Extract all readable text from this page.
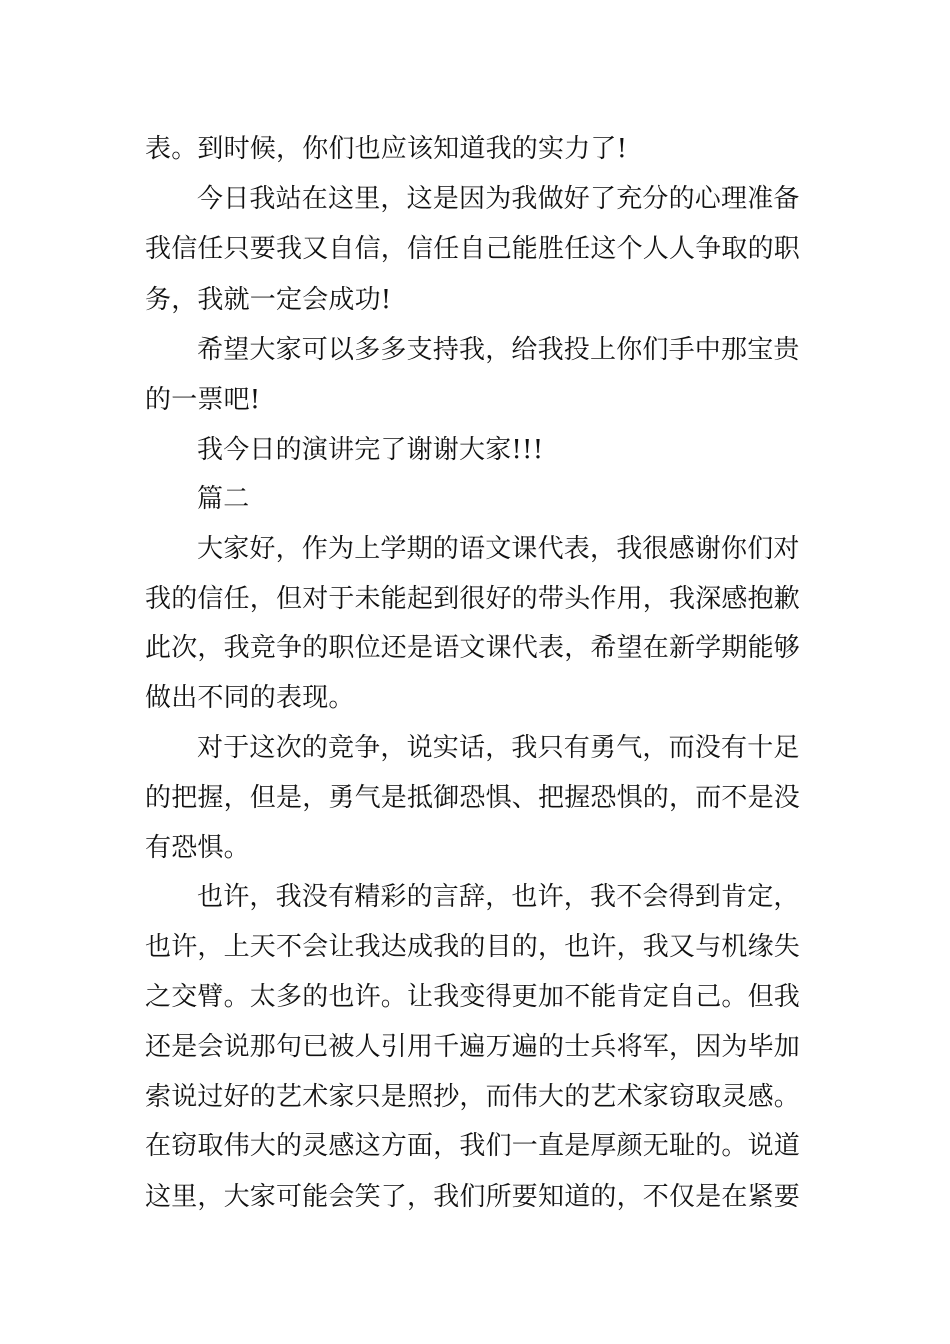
表。到时候，你们也应该知道我的实力了!
今日我站在这里，这是因为我做好了充分的心理准备
我信任只要我又自信，信任自己能胜任这个人人争取的职
务，我就一定会成功!
希望大家可以多多支持我，给我投上你们手中那宝贵
的一票吧!
我今日的演讲完了谢谢大家!!!
篇二
大家好，作为上学期的语文课代表，我很感谢你们对
我的信任，但对于未能起到很好的带头作用，我深感抱歉
此次，我竞争的职位还是语文课代表，希望在新学期能够
做出不同的表现。
对于这次的竞争，说实话，我只有勇气，而没有十足
的把握，但是，勇气是抵御恐惧、把握恐惧的，而不是没
有恐惧。
也许，我没有精彩的言辞，也许，我不会得到肯定，
也许，上天不会让我达成我的目的，也许，我又与机缘失
之交臂。太多的也许。让我变得更加不能肯定自己。但我
还是会说那句已被人引用千遍万遍的士兵将军，因为毕加
索说过好的艺术家只是照抄，而伟大的艺术家窃取灵感。
在窃取伟大的灵感这方面，我们一直是厚颜无耻的。说道
这里，大家可能会笑了，我们所要知道的，不仅是在紧要
